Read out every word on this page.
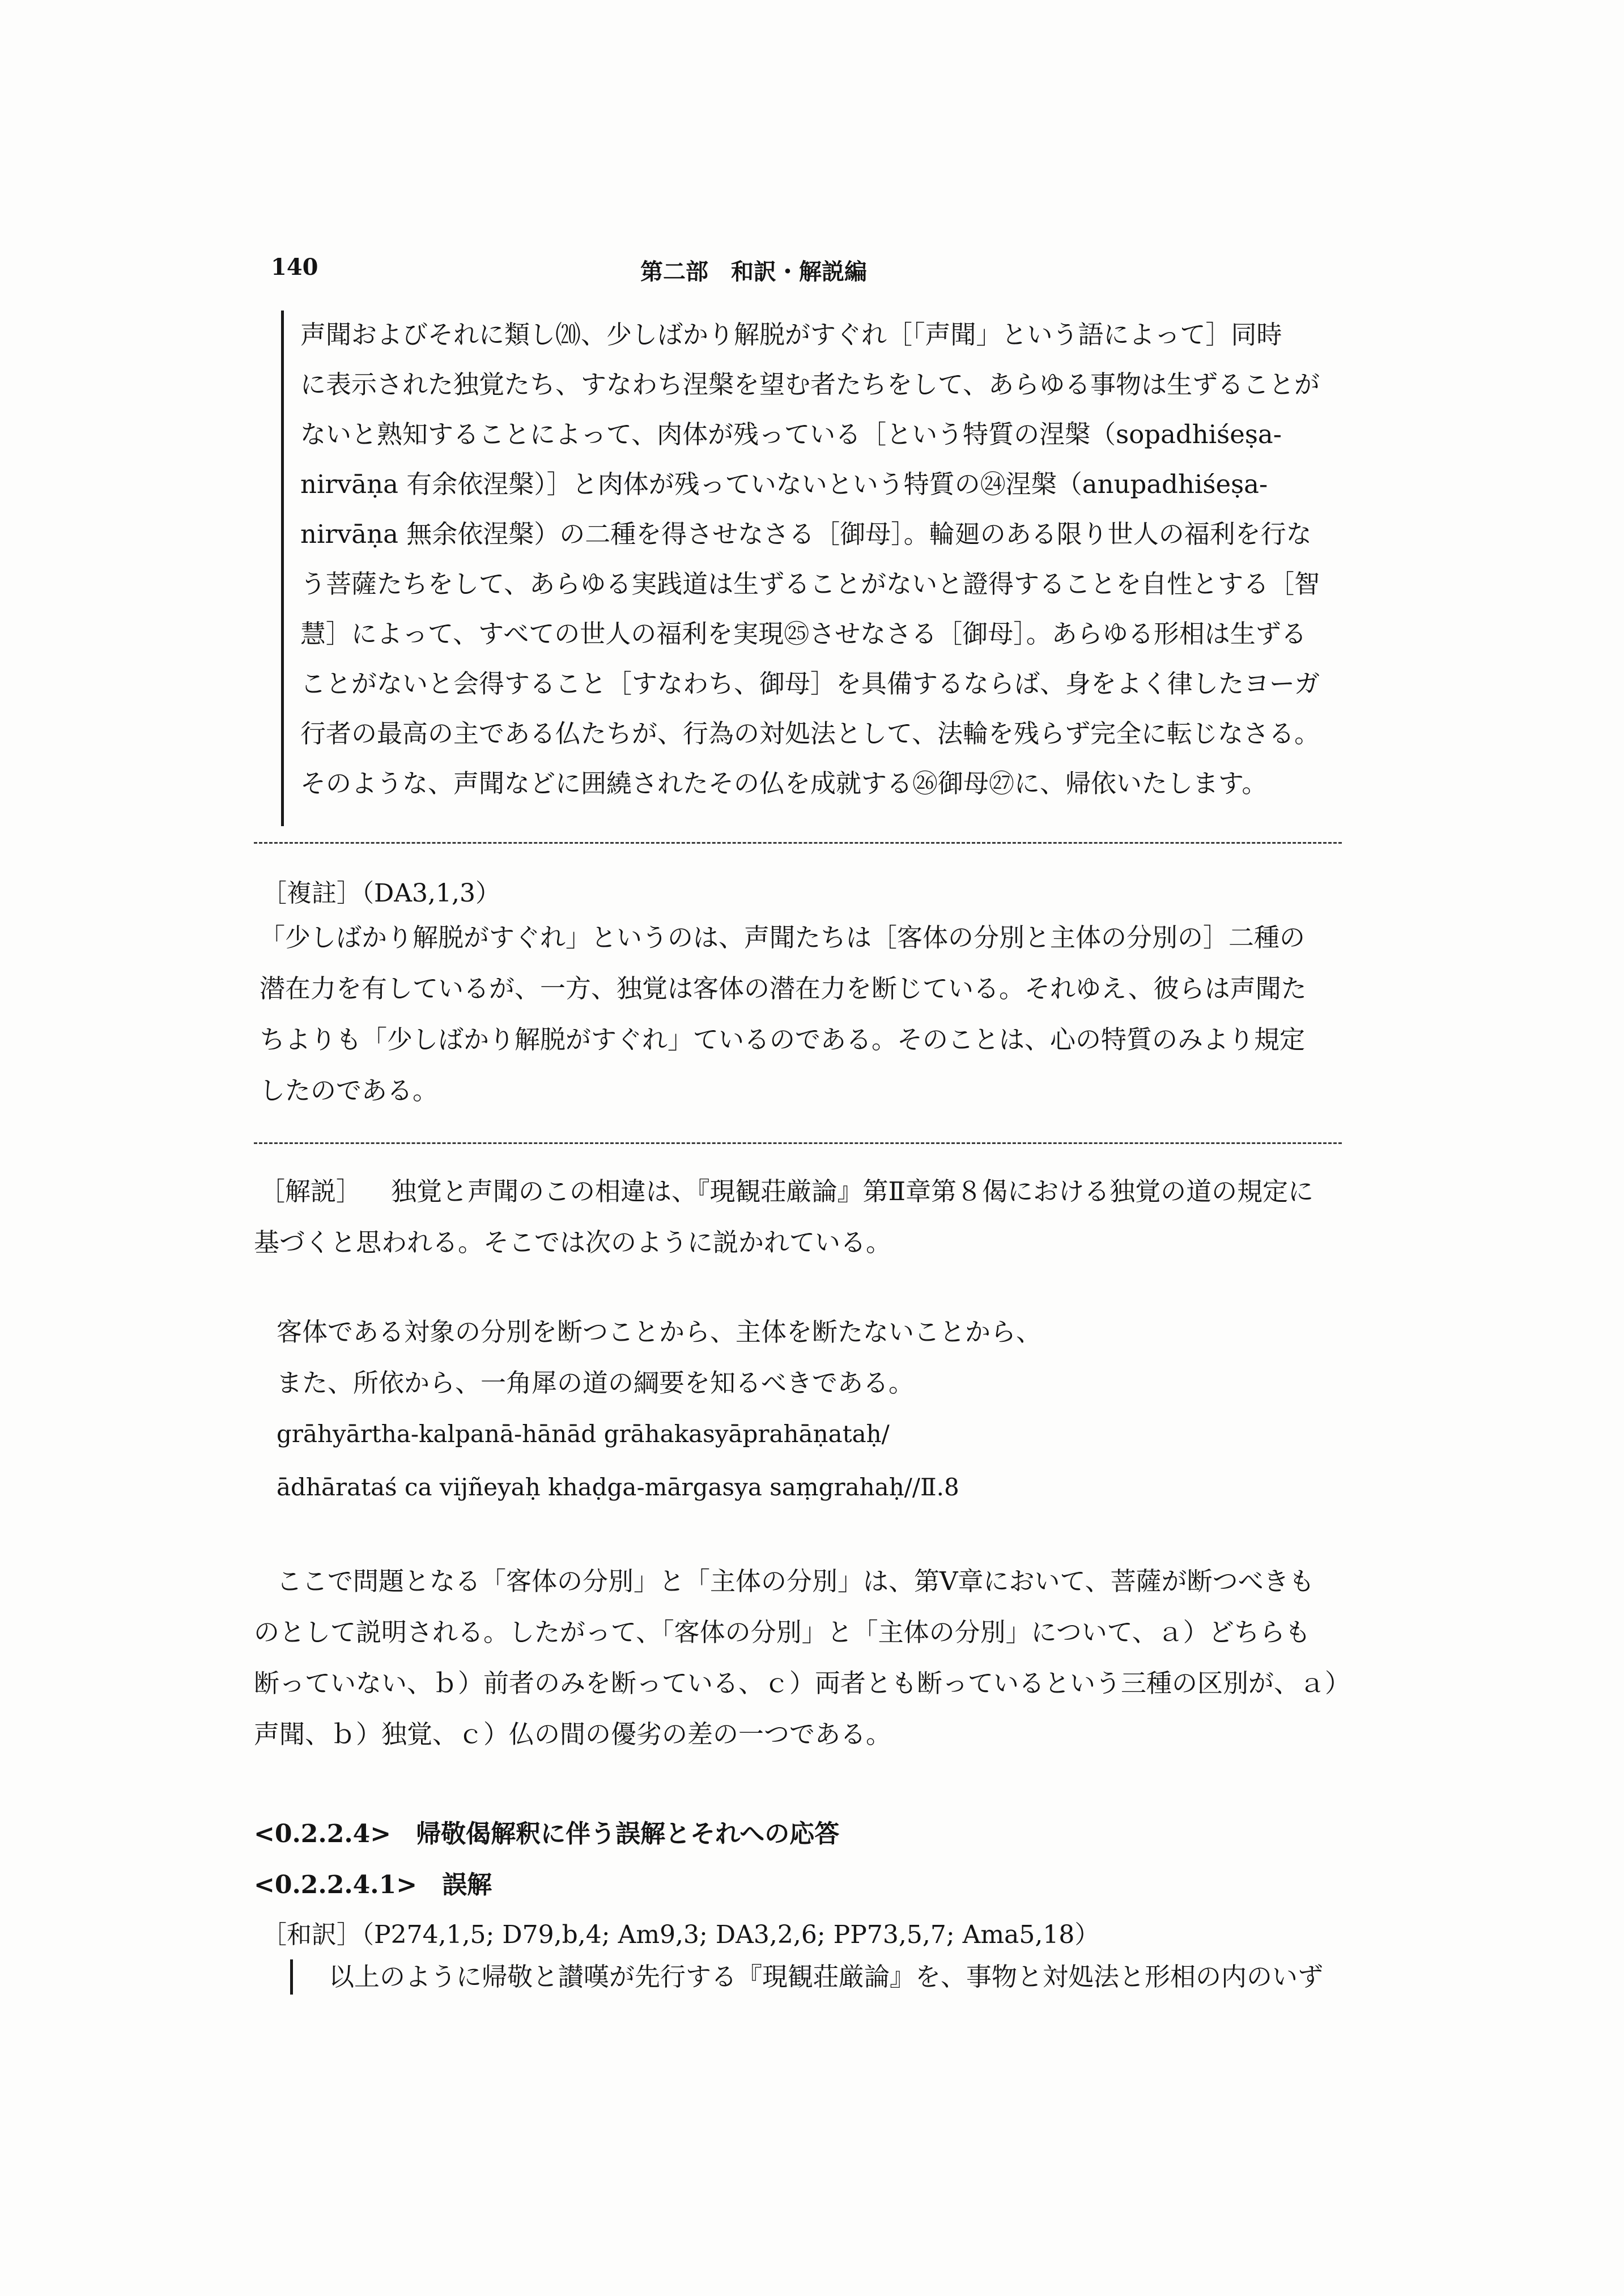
140	第二部　和訳・解説編
声聞およびそれに類し⒇、少しばかり解脱がすぐれ［「声聞」という語によって］同時
に表示された独覚たち、すなわち涅槃を望む者たちをして、あらゆる事物は生ずることが
ないと熟知することによって、肉体が残っている［という特質の涅槃（sopadhiśeṣa-
nirvāṇa 有余依涅槃）］と肉体が残っていないという特質の㉔涅槃（anupadhiśeṣa-
nirvāṇa 無余依涅槃）の二種を得させなさる［御母］。輪廻のある限り世人の福利を行な
う菩薩たちをして、あらゆる実践道は生ずることがないと證得することを自性とする［智
慧］によって、すべての世人の福利を実現㉕させなさる［御母］。あらゆる形相は生ずる
ことがないと会得すること［すなわち、御母］を具備するならば、身をよく律したヨーガ
行者の最高の主である仏たちが、行為の対処法として、法輪を残らず完全に転じなさる。
そのような、声聞などに囲繞されたその仏を成就する㉖御母㉗に、帰依いたします。
［複註］（DA3,1,3）
「少しばかり解脱がすぐれ」というのは、声聞たちは［客体の分別と主体の分別の］二種の
潜在力を有しているが、一方、独覚は客体の潜在力を断じている。それゆえ、彼らは声聞た
ちよりも「少しばかり解脱がすぐれ」ているのである。そのことは、心の特質のみより規定
したのである。
［解説］ 独覚と声聞のこの相違は、『現観荘厳論』第Ⅱ章第８偈における独覚の道の規定に
基づくと思われる。そこでは次のように説かれている。
客体である対象の分別を断つことから、主体を断たないことから、
また、所依から、一角犀の道の綱要を知るべきである。
grāhyārtha-kalpanā-hānād grāhakasyāprahāṇataḥ/
ādhārataś ca vijñeyaḥ khaḍga-mārgasya saṃgrahaḥ//Ⅱ.8
ここで問題となる「客体の分別」と「主体の分別」は、第Ⅴ章において、菩薩が断つべきも
のとして説明される。したがって、「客体の分別」と「主体の分別」について、ａ）どちらも
断っていない、ｂ）前者のみを断っている、ｃ）両者とも断っているという三種の区別が、ａ）
声聞、ｂ）独覚、ｃ）仏の間の優劣の差の一つである。
<0.2.2.4>　帰敬偈解釈に伴う誤解とそれへの応答
<0.2.2.4.1>　誤解
［和訳］（P274,1,5; D79,b,4; Am9,3; DA3,2,6; PP73,5,7; Ama5,18）
以上のように帰敬と讃嘆が先行する『現観荘厳論』を、事物と対処法と形相の内のいず
